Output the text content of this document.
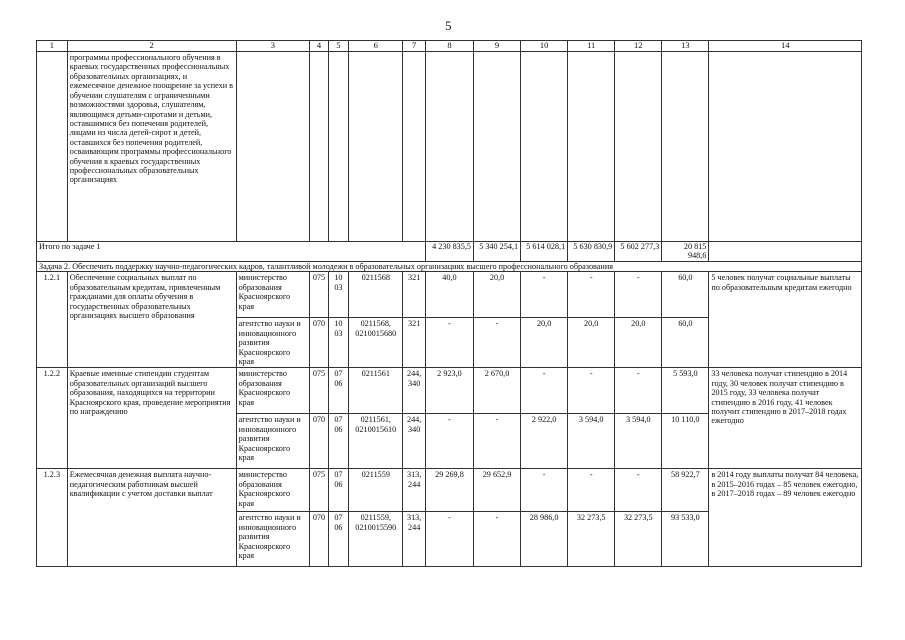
5
1	2	3	4	5	6	7	8	9	10	11	12	13	14
	программы профессионального обучения в краевых государственных профессиональных образовательных организациях, и ежемесячное денежное поощрение за успехи в обучении слушателям с ограниченными возможностями здоровья, слушателям, являющимся детьми-сиротами и детьми, оставшимися без попечения родителей, лицами из числа детей-сирот и детей, оставшихся без попечения родителей, осваивающим программы профессионального обучения в краевых государственных профессиональных образовательных организациях												
Итого по задаче 1							4 230 835,5	5 340 254,1	5 614 028,1	5 630 830,9	5 602 277,3	20 815 948,6	
Задача 2. Обеспечить поддержку научно-педагогических кадров, талантливой молодежи в образовательных организациях высшего профессионального образования													
1.2.1	Обеспечение социальных выплат по образовательным кредитам, привлеченным гражданами для оплаты обучения в государственных образовательных организациях высшего образования	министерство образования Красноярского края	075	10 03	0211568	321	40,0	20,0	-	-	-	60,0	5 человек получат социальные выплаты по образовательным кредитам ежегодно
		агентство науки и инновационного развития Красноярского края	070	10 03	0211568, 0210015680	321	-	-	20,0	20,0	20,0	60,0	
1.2.2	Краевые именные стипендии студентам образовательных организаций высшего образования, находящихся на территории Красноярского края, проведение мероприятия по награждению	министерство образования Красноярского края	075	07 06	0211561	244, 340	2 923,0	2 670,0	-	-	-	5 593,0	33 человека получат стипендию в 2014 году, 30 человек получат стипендию в 2015 году, 33 человека получат стипендию в 2016 году, 41 человек получит стипендию в 2017–2018 годах ежегодно
		агентство науки и инновационного развития Красноярского края	070	07 06	0211561, 0210015610	244, 340	-	-	2 922,0	3 594,0	3 594,0	10 110,0	
1.2.3	Ежемесячная денежная выплата научно-педагогическим работникам высшей квалификации с учетом доставки выплат	министерство образования Красноярского края	075	07 06	0211559	313, 244	29 269,8	29 652,9	-	-	-	58 922,7	в 2014 году выплаты получат 84 человека, в 2015–2016 годах – 85 человек ежегодно, в 2017–2018 годах – 89 человек ежегодно
		агентство науки и инновационного развития Красноярского края	070	07 06	0211559, 0210015590	313, 244	-	-	28 986,0	32 273,5	32 273,5	93 533,0	
